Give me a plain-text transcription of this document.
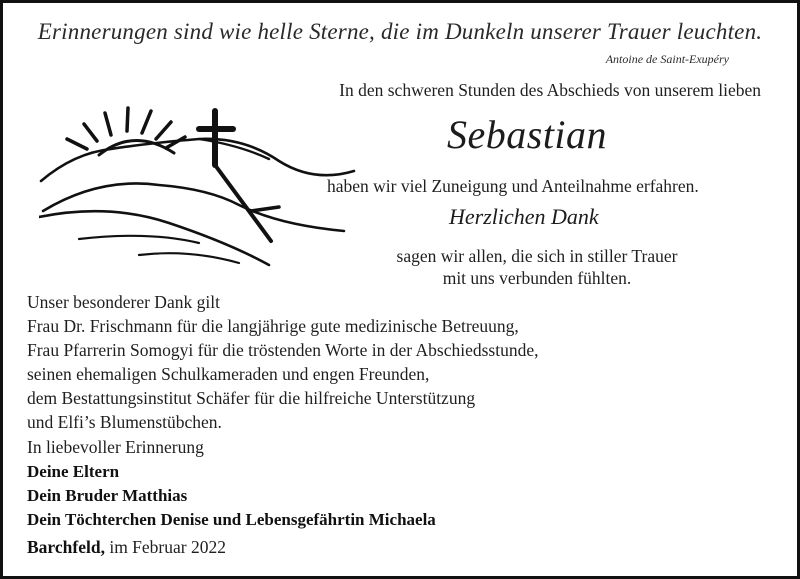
Erinnerungen sind wie helle Sterne, die im Dunkeln unserer Trauer leuchten.
Antoine de Saint-Exupéry
In den schweren Stunden des Abschieds von unserem lieben
Sebastian
haben wir viel Zuneigung und Anteilnahme erfahren.
Herzlichen Dank
sagen wir allen, die sich in stiller Trauer
mit uns verbunden fühlten.

Unser besonderer Dank gilt

Frau Dr. Frischmann für die langjährige gute medizinische Betreuung,

Frau Pfarrerin Somogyi für die tröstenden Worte in der Abschiedsstunde,

seinen ehemaligen Schulkameraden und engen Freunden,

dem Bestattungsinstitut Schäfer für die hilfreiche Unterstützung

und Elfi’s Blumenstübchen.

In liebevoller Erinnerung

Deine Eltern

Dein Bruder Matthias

Dein Töchterchen Denise und Lebensgefährtin Michaela

Barchfeld, im Februar 2022
